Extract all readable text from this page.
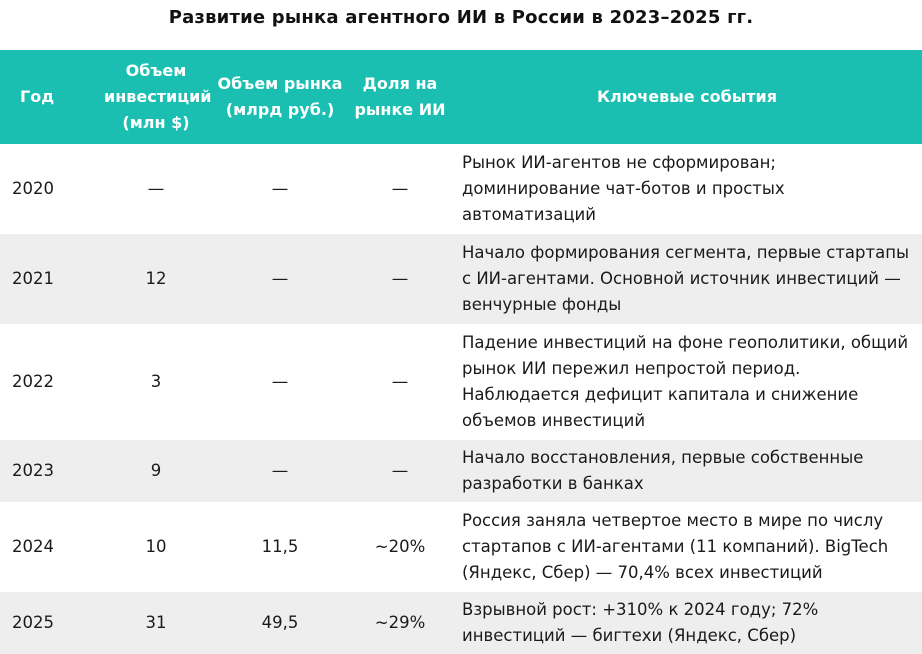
Развитие рынка агентного ИИ в России в 2023–2025 гг.
Год	Объем инвестиций (млн $)	Объем рынка (млрд руб.)	Доля на рынке ИИ	Ключевые события
2020	—	—	—	Рынок ИИ-агентов не сформирован; доминирование чат-ботов и простых автоматизаций
2021	12	—	—	Начало формирования сегмента, первые стартапы с ИИ-агентами. Основной источник инвестиций — венчурные фонды
2022	3	—	—	Падение инвестиций на фоне геополитики, общий рынок ИИ пережил непростой период. Наблюдается дефицит капитала и снижение объемов инвестиций
2023	9	—	—	Начало восстановления, первые собственные разработки в банках
2024	10	11,5	~20%	Россия заняла четвертое место в мире по числу стартапов с ИИ-агентами (11 компаний). BigTech (Яндекс, Сбер) — 70,4% всех инвестиций
2025	31	49,5	~29%	Взрывной рост: +310% к 2024 году; 72% инвестиций — бигтехи (Яндекс, Сбер)
